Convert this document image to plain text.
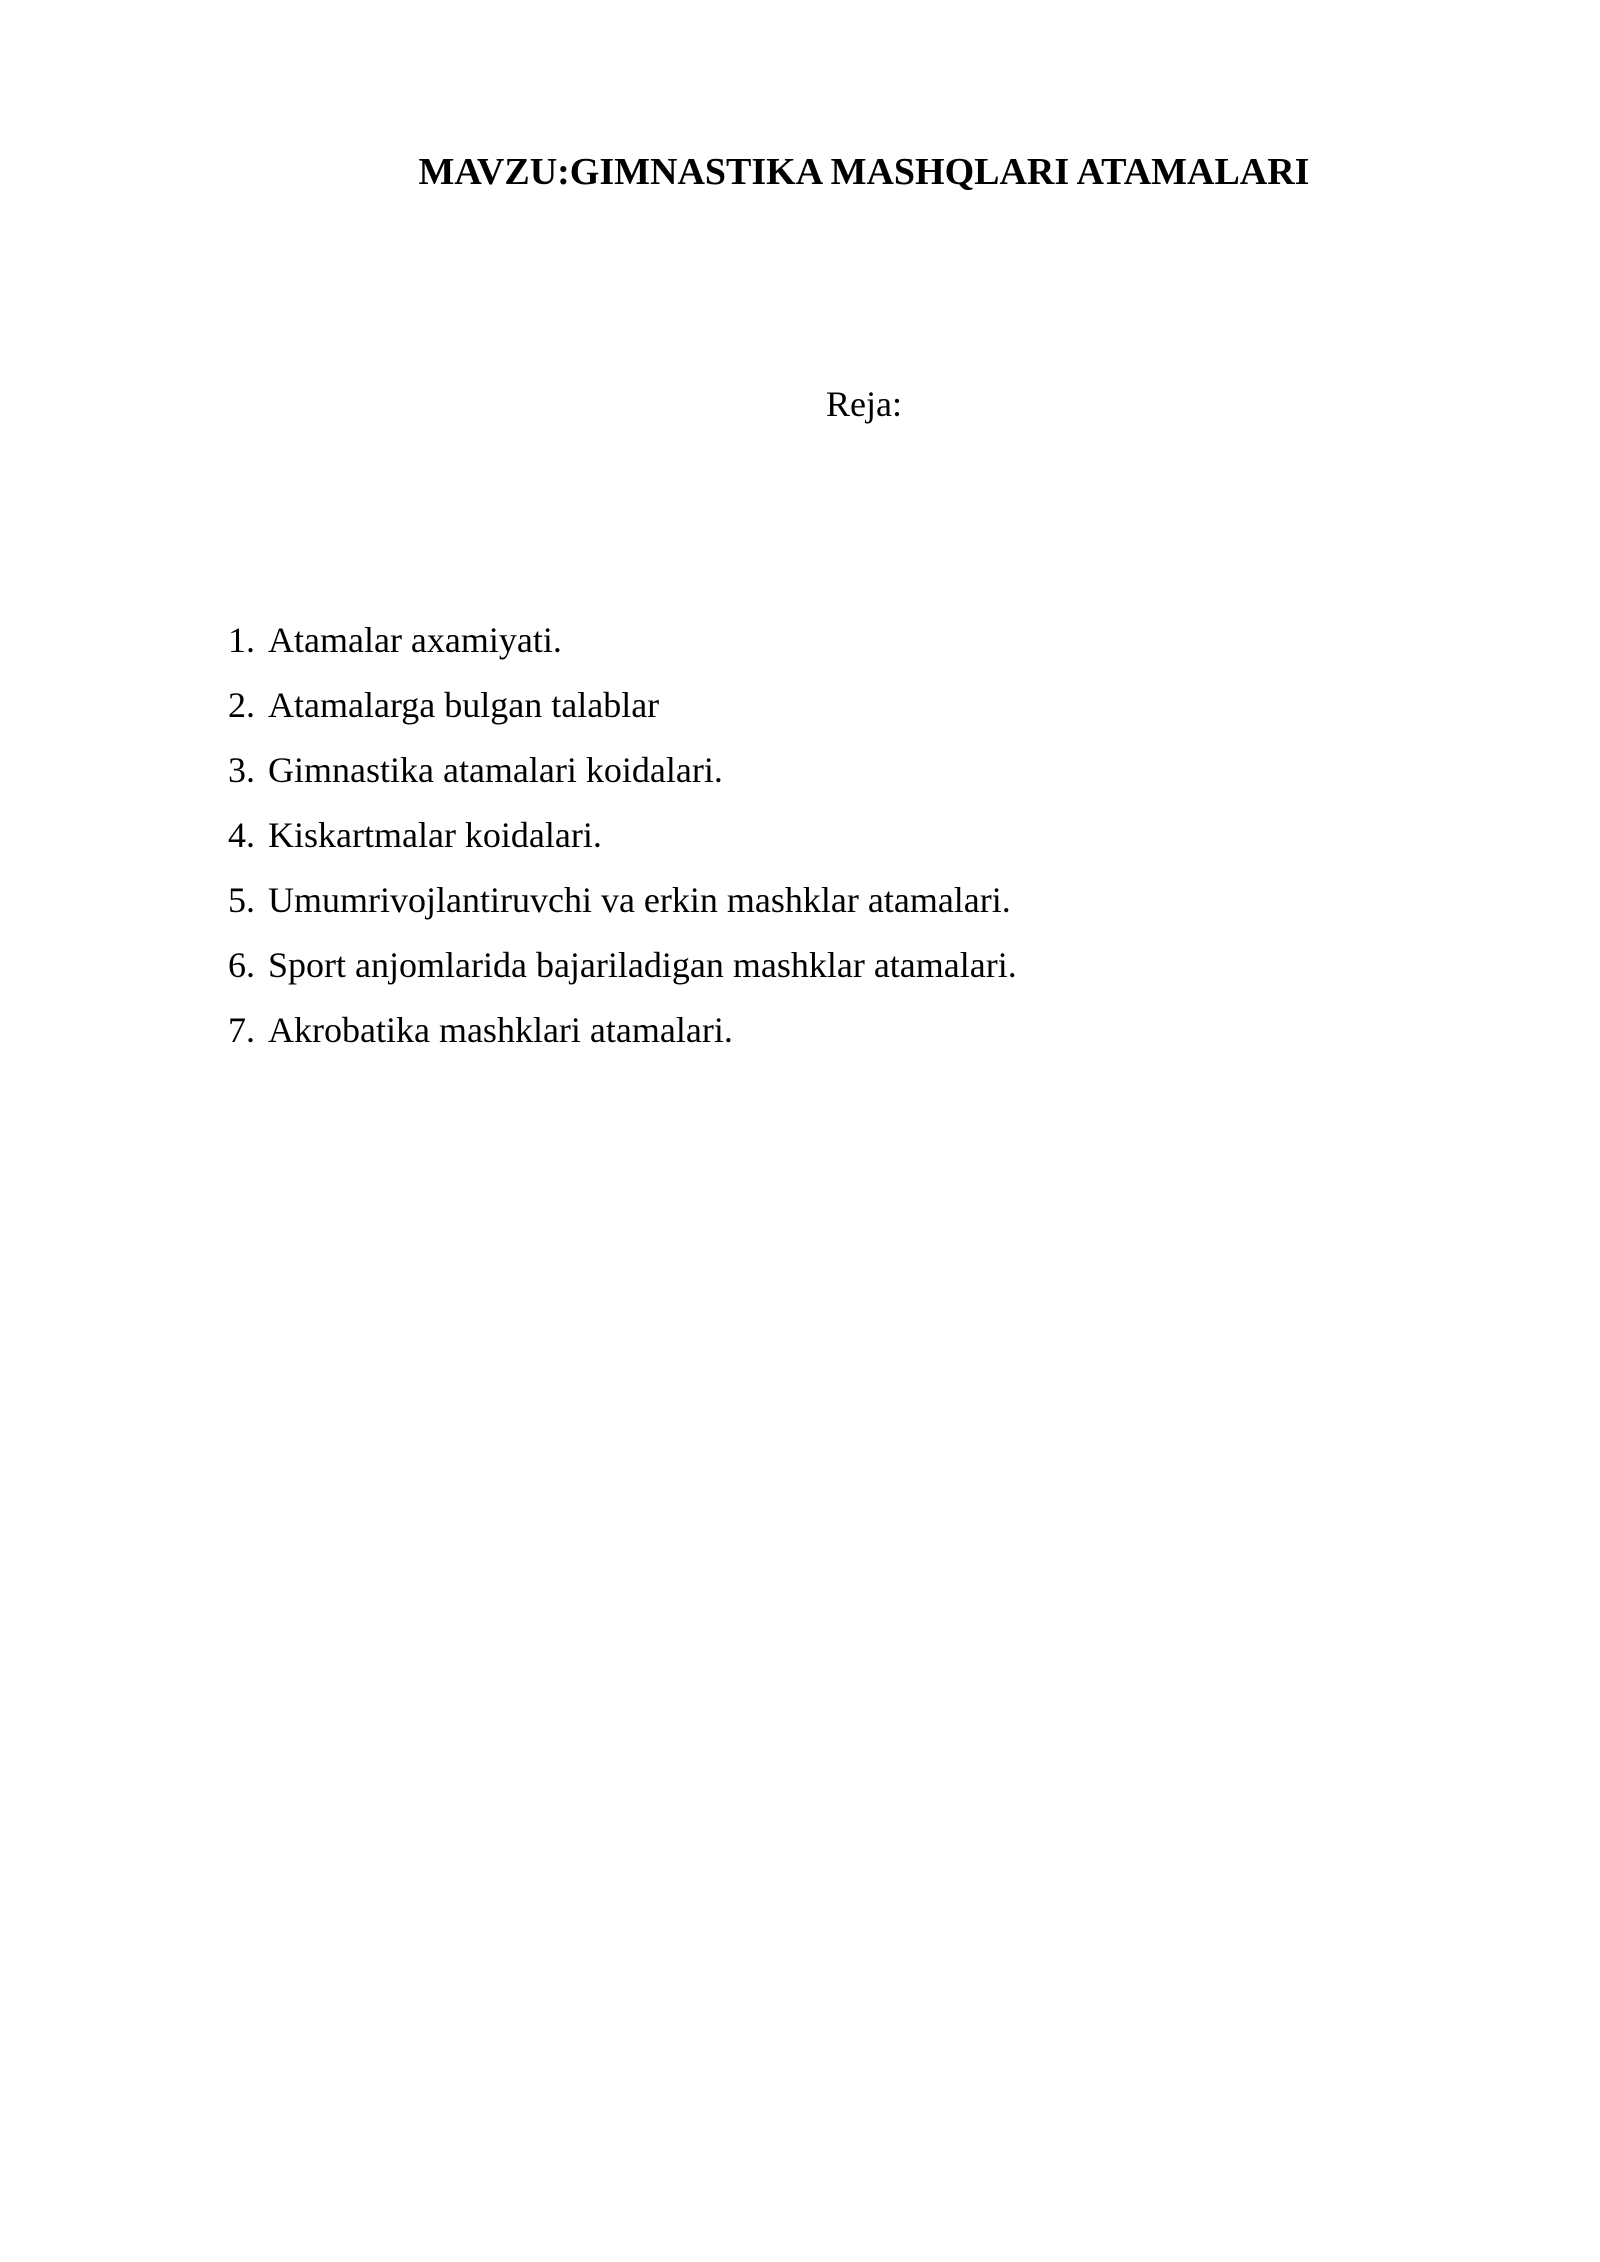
MAVZU:GIMNASTIKA MASHQLARI ATAMALARI

Reja:

1. Atamalar axamiyati.
2. Atamalarga bulgan talablar
3. Gimnastika atamalari koidalari.
4. Kiskartmalar koidalari.
5. Umumrivojlantiruvchi va erkin mashklar atamalari.
6. Sport anjomlarida bajariladigan mashklar atamalari.
7. Akrobatika mashklari atamalari.
